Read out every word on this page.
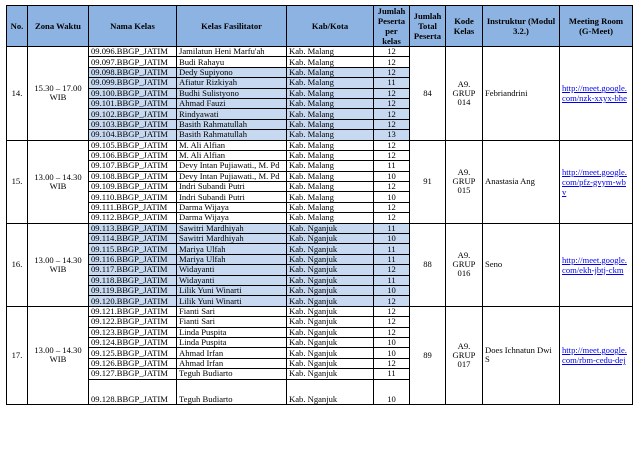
No.	Zona Waktu	Nama Kelas	Kelas Fasilitator	Kab/Kota	Jumlah Peserta per kelas	Jumlah Total Peserta	Kode Kelas	Instruktur (Modul 3.2.)	Meeting Room (G-Meet)
14.	15.30 – 17.00 WIB	09.096.BBGP_JATIM	Jamilatun Heni Marfu'ah	Kab. Malang	12	84	A9. GRUP 014	Febriandrini	http://meet.google.com/nzk-xxyx-bhe
		09.097.BBGP_JATIM	Budi Rahayu	Kab. Malang	12				
		09.098.BBGP_JATIM	Dedy Supiyono	Kab. Malang	12				
		09.099.BBGP_JATIM	Afiatur Rizkiyah	Kab. Malang	11				
		09.100.BBGP_JATIM	Budhi Sulistyono	Kab. Malang	12				
		09.101.BBGP_JATIM	Ahmad Fauzi	Kab. Malang	12				
		09.102.BBGP_JATIM	Rindyawati	Kab. Malang	12				
		09.103.BBGP_JATIM	Basith Rahmatullah	Kab. Malang	12				
		09.104.BBGP_JATIM	Basith Rahmatullah	Kab. Malang	13				
15.	13.00 – 14.30 WIB	09.105.BBGP_JATIM	M. Ali Alfian	Kab. Malang	12	91	A9. GRUP 015	Anastasia Ang	http://meet.google.com/pfz-gvym-wbv
		09.106.BBGP_JATIM	M. Ali Alfian	Kab. Malang	12				
		09.107.BBGP_JATIM	Devy Intan Pujiawati., M. Pd	Kab. Malang	11				
		09.108.BBGP_JATIM	Devy Intan Pujiawati., M. Pd	Kab. Malang	10				
		09.109.BBGP_JATIM	Indri Subandi Putri	Kab. Malang	12				
		09.110.BBGP_JATIM	Indri Subandi Putri	Kab. Malang	10				
		09.111.BBGP_JATIM	Darma Wijaya	Kab. Malang	12				
		09.112.BBGP_JATIM	Darma Wijaya	Kab. Malang	12				
16.	13.00 – 14.30 WIB	09.113.BBGP_JATIM	Sawitri Mardhiyah	Kab. Nganjuk	11	88	A9. GRUP 016	Seno	http://meet.google.com/ekh-jbtj-ckm
		09.114.BBGP_JATIM	Sawitri Mardhiyah	Kab. Nganjuk	10				
		09.115.BBGP_JATIM	Mariya Ulfah	Kab. Nganjuk	11				
		09.116.BBGP_JATIM	Mariya Ulfah	Kab. Nganjuk	11				
		09.117.BBGP_JATIM	Widayanti	Kab. Nganjuk	12				
		09.118.BBGP_JATIM	Widayanti	Kab. Nganjuk	11				
		09.119.BBGP_JATIM	Lilik Yuni Winarti	Kab. Nganjuk	10				
		09.120.BBGP_JATIM	Lilik Yuni Winarti	Kab. Nganjuk	12				
17.	13.00 – 14.30 WIB	09.121.BBGP_JATIM	Fianti Sari	Kab. Nganjuk	12	89	A9. GRUP 017	Does Ichnatun Dwi S	http://meet.google.com/rbm-cedu-dej
		09.122.BBGP_JATIM	Fianti Sari	Kab. Nganjuk	12				
		09.123.BBGP_JATIM	Linda Puspita	Kab. Nganjuk	12				
		09.124.BBGP_JATIM	Linda Puspita	Kab. Nganjuk	10				
		09.125.BBGP_JATIM	Ahmad Irfan	Kab. Nganjuk	10				
		09.126.BBGP_JATIM	Ahmad Irfan	Kab. Nganjuk	12				
		09.127.BBGP_JATIM	Teguh Budiarto	Kab. Nganjuk	11				
		09.128.BBGP_JATIM	Teguh Budiarto	Kab. Nganjuk	10				
